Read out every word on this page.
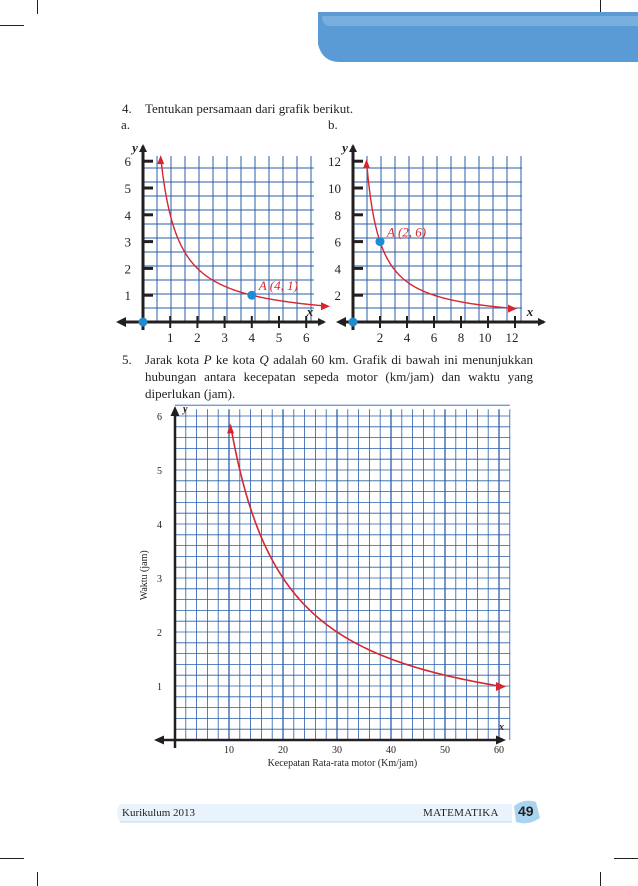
4. Tentukan persamaan dari grafik berikut.
a.	b.
1 2 3 4 5 6
1
2
3
4
5
6
y
x
A (4, 1)
2 4 6 8 10 12
2
4
6
8
10
12
y
x
A (2, 6)
5. Jarak kota P ke kota Q adalah 60 km. Grafik di bawah ini menunjukkan hubungan antara kecepatan sepeda motor (km/jam) dan waktu yang diperlukan (jam).
y
x
10	20	30	40	50	60
1
2
3
4
5
6
Kecepatan Rata-rata motor (Km/jam)
Waktu (jam)
Kurikulum 2013	MATEMATIKA 49
